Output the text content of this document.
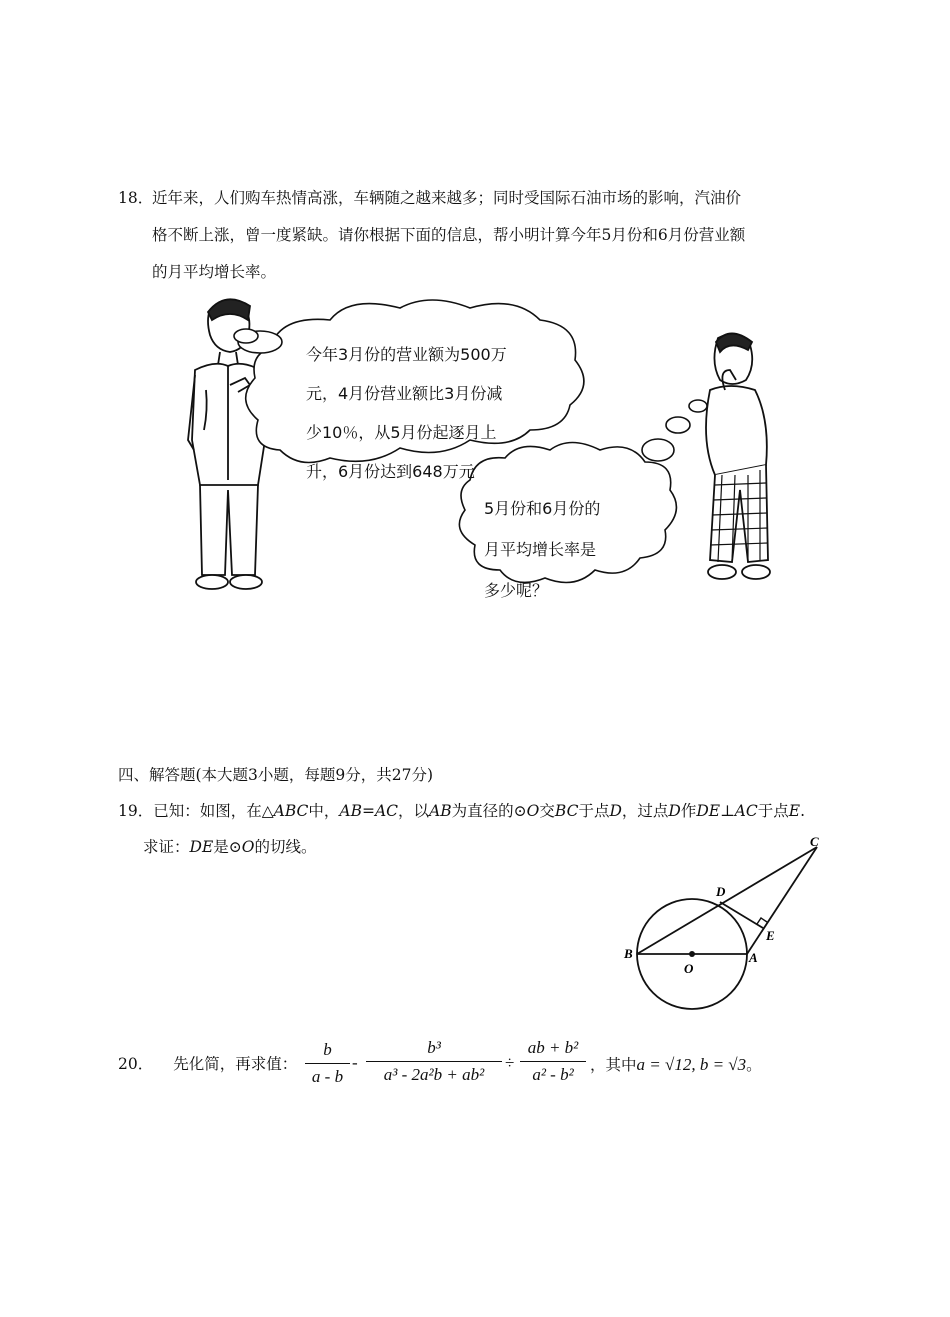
18．
近年来，人们购车热情高涨，车辆随之越来越多；同时受国际石油市场的影响，汽油价
格不断上涨，曾一度紧缺。请你根据下面的信息，帮小明计算今年5月份和6月份营业额
的月平均增长率。
今年3月份的营业额为500万
元，4月份营业额比3月份减
少10％，从5月份起逐月上
升，6月份达到648万元
5月份和6月份的
月平均增长率是
多少呢？
四、解答题(本大题3小题，每题9分，共27分)
19．已知：如图，在△ABC中，AB=AC，以AB为直径的⊙O交BC于点D，过点D作DE⊥AC于点E.
求证：DE是⊙O的切线。	C
D
E
B
O
A
20． 先化简，再求值：
b
a - b
-
b³
a³ - 2a²b + ab²
÷
ab + b²
a² - b²	，其中a = √12, b = √3。
